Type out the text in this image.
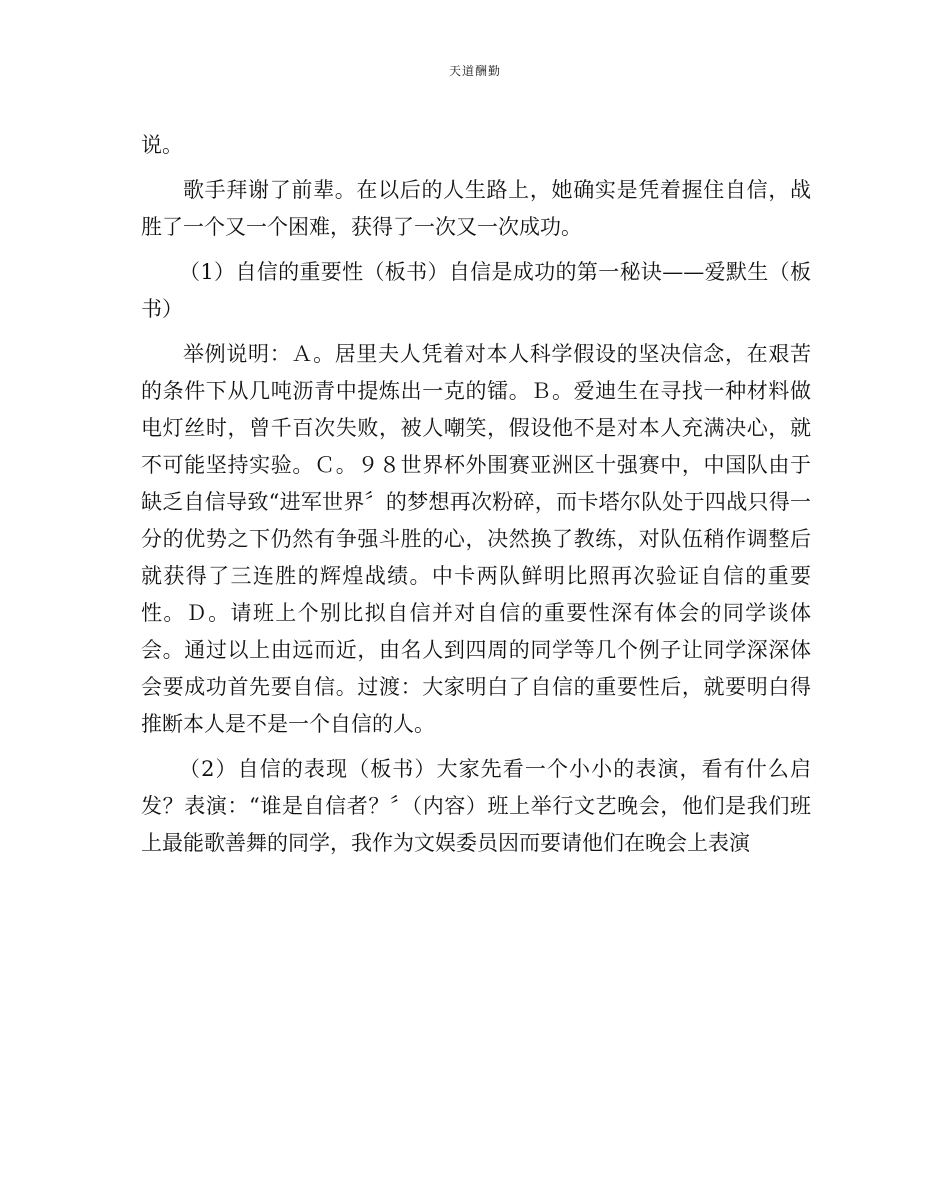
天道酬勤

说。

歌手拜谢了前辈。在以后的人生路上，她确实是凭着握住自信，战胜了一个又一个困难，获得了一次又一次成功。

（1）自信的重要性（板书）自信是成功的第一秘诀——爱默生（板书）

举例说明：Ａ。居里夫人凭着对本人科学假设的坚决信念，在艰苦的条件下从几吨沥青中提炼出一克的镭。Ｂ。爱迪生在寻找一种材料做电灯丝时，曾千百次失败，被人嘲笑，假设他不是对本人充满决心，就不可能坚持实验。Ｃ。９８世界杯外围赛亚洲区十强赛中，中国队由于缺乏自信导致“进军世界〞的梦想再次粉碎，而卡塔尔队处于四战只得一分的优势之下仍然有争强斗胜的心，决然换了教练，对队伍稍作调整后就获得了三连胜的辉煌战绩。中卡两队鲜明比照再次验证自信的重要性。Ｄ。请班上个别比拟自信并对自信的重要性深有体会的同学谈体会。通过以上由远而近，由名人到四周的同学等几个例子让同学深深体会要成功首先要自信。过渡：大家明白了自信的重要性后，就要明白得推断本人是不是一个自信的人。

（2）自信的表现（板书）大家先看一个小小的表演，看有什么启发？表演：“谁是自信者？〞（内容）班上举行文艺晚会，他们是我们班上最能歌善舞的同学，我作为文娱委员因而要请他们在晚会上表演
